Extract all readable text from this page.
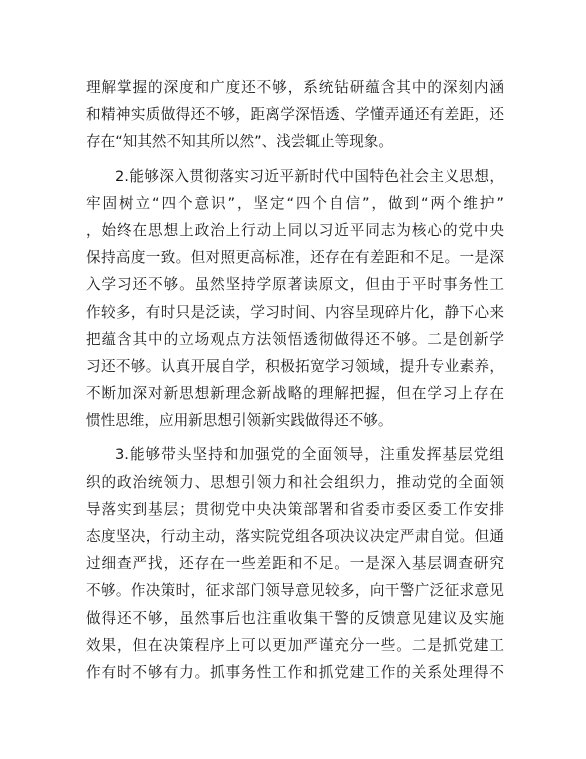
理解掌握的深度和广度还不够，系统钻研蕴含其中的深刻内涵
和精神实质做得还不够，距离学深悟透、学懂弄通还有差距，还
存在“知其然不知其所以然”、浅尝辄止等现象。
2.能够深入贯彻落实习近平新时代中国特色社会主义思想，
牢固树立“四个意识”，坚定“四个自信”，做到“两个维护”
，始终在思想上政治上行动上同以习近平同志为核心的党中央
保持高度一致。但对照更高标准，还存在有差距和不足。一是深
入学习还不够。虽然坚持学原著读原文，但由于平时事务性工
作较多，有时只是泛读，学习时间、内容呈现碎片化，静下心来
把蕴含其中的立场观点方法领悟透彻做得还不够。二是创新学
习还不够。认真开展自学，积极拓宽学习领域，提升专业素养，
不断加深对新思想新理念新战略的理解把握，但在学习上存在
惯性思维，应用新思想引领新实践做得还不够。
3.能够带头坚持和加强党的全面领导，注重发挥基层党组
织的政治统领力、思想引领力和社会组织力，推动党的全面领
导落实到基层；贯彻党中央决策部署和省委市委区委工作安排
态度坚决，行动主动，落实院党组各项决议决定严肃自觉。但通
过细查严找，还存在一些差距和不足。一是深入基层调查研究
不够。作决策时，征求部门领导意见较多，向干警广泛征求意见
做得还不够，虽然事后也注重收集干警的反馈意见建议及实施
效果，但在决策程序上可以更加严谨充分一些。二是抓党建工
作有时不够有力。抓事务性工作和抓党建工作的关系处理得不
